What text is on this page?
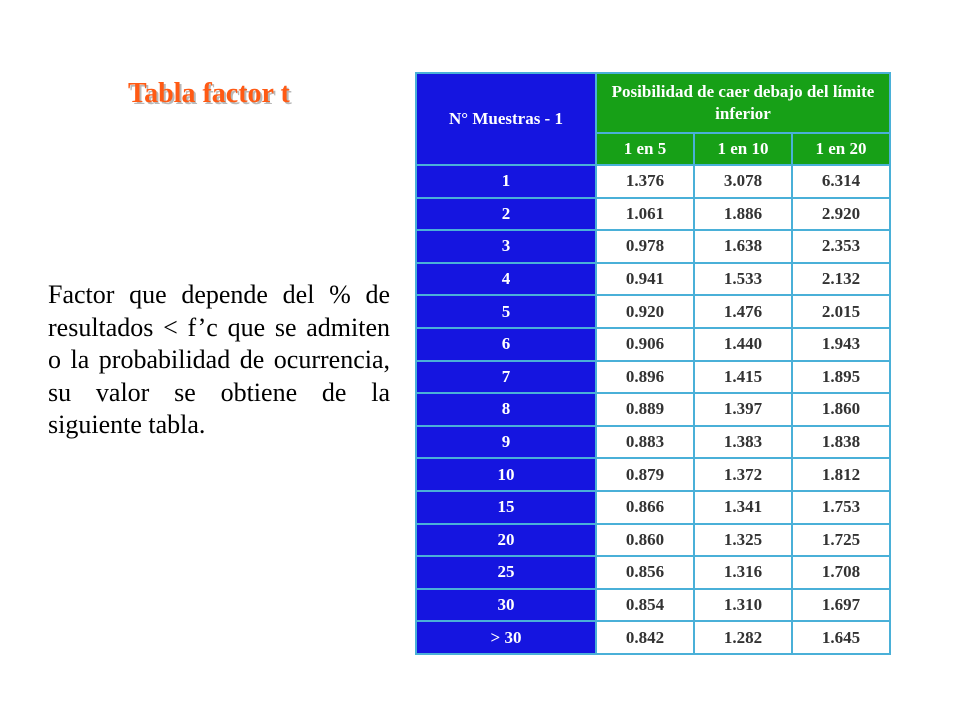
Tabla factor t

Factor que depende del % de resultados < f’c que se admiten o la probabilidad de ocurrencia, su valor se obtiene de la siguiente tabla.

N° Muestras - 1	Posibilidad de caer debajo del límite inferior		
	1 en 5	1 en 10	1 en 20
1	1.376	3.078	6.314
2	1.061	1.886	2.920
3	0.978	1.638	2.353
4	0.941	1.533	2.132
5	0.920	1.476	2.015
6	0.906	1.440	1.943
7	0.896	1.415	1.895
8	0.889	1.397	1.860
9	0.883	1.383	1.838
10	0.879	1.372	1.812
15	0.866	1.341	1.753
20	0.860	1.325	1.725
25	0.856	1.316	1.708
30	0.854	1.310	1.697
> 30	0.842	1.282	1.645
